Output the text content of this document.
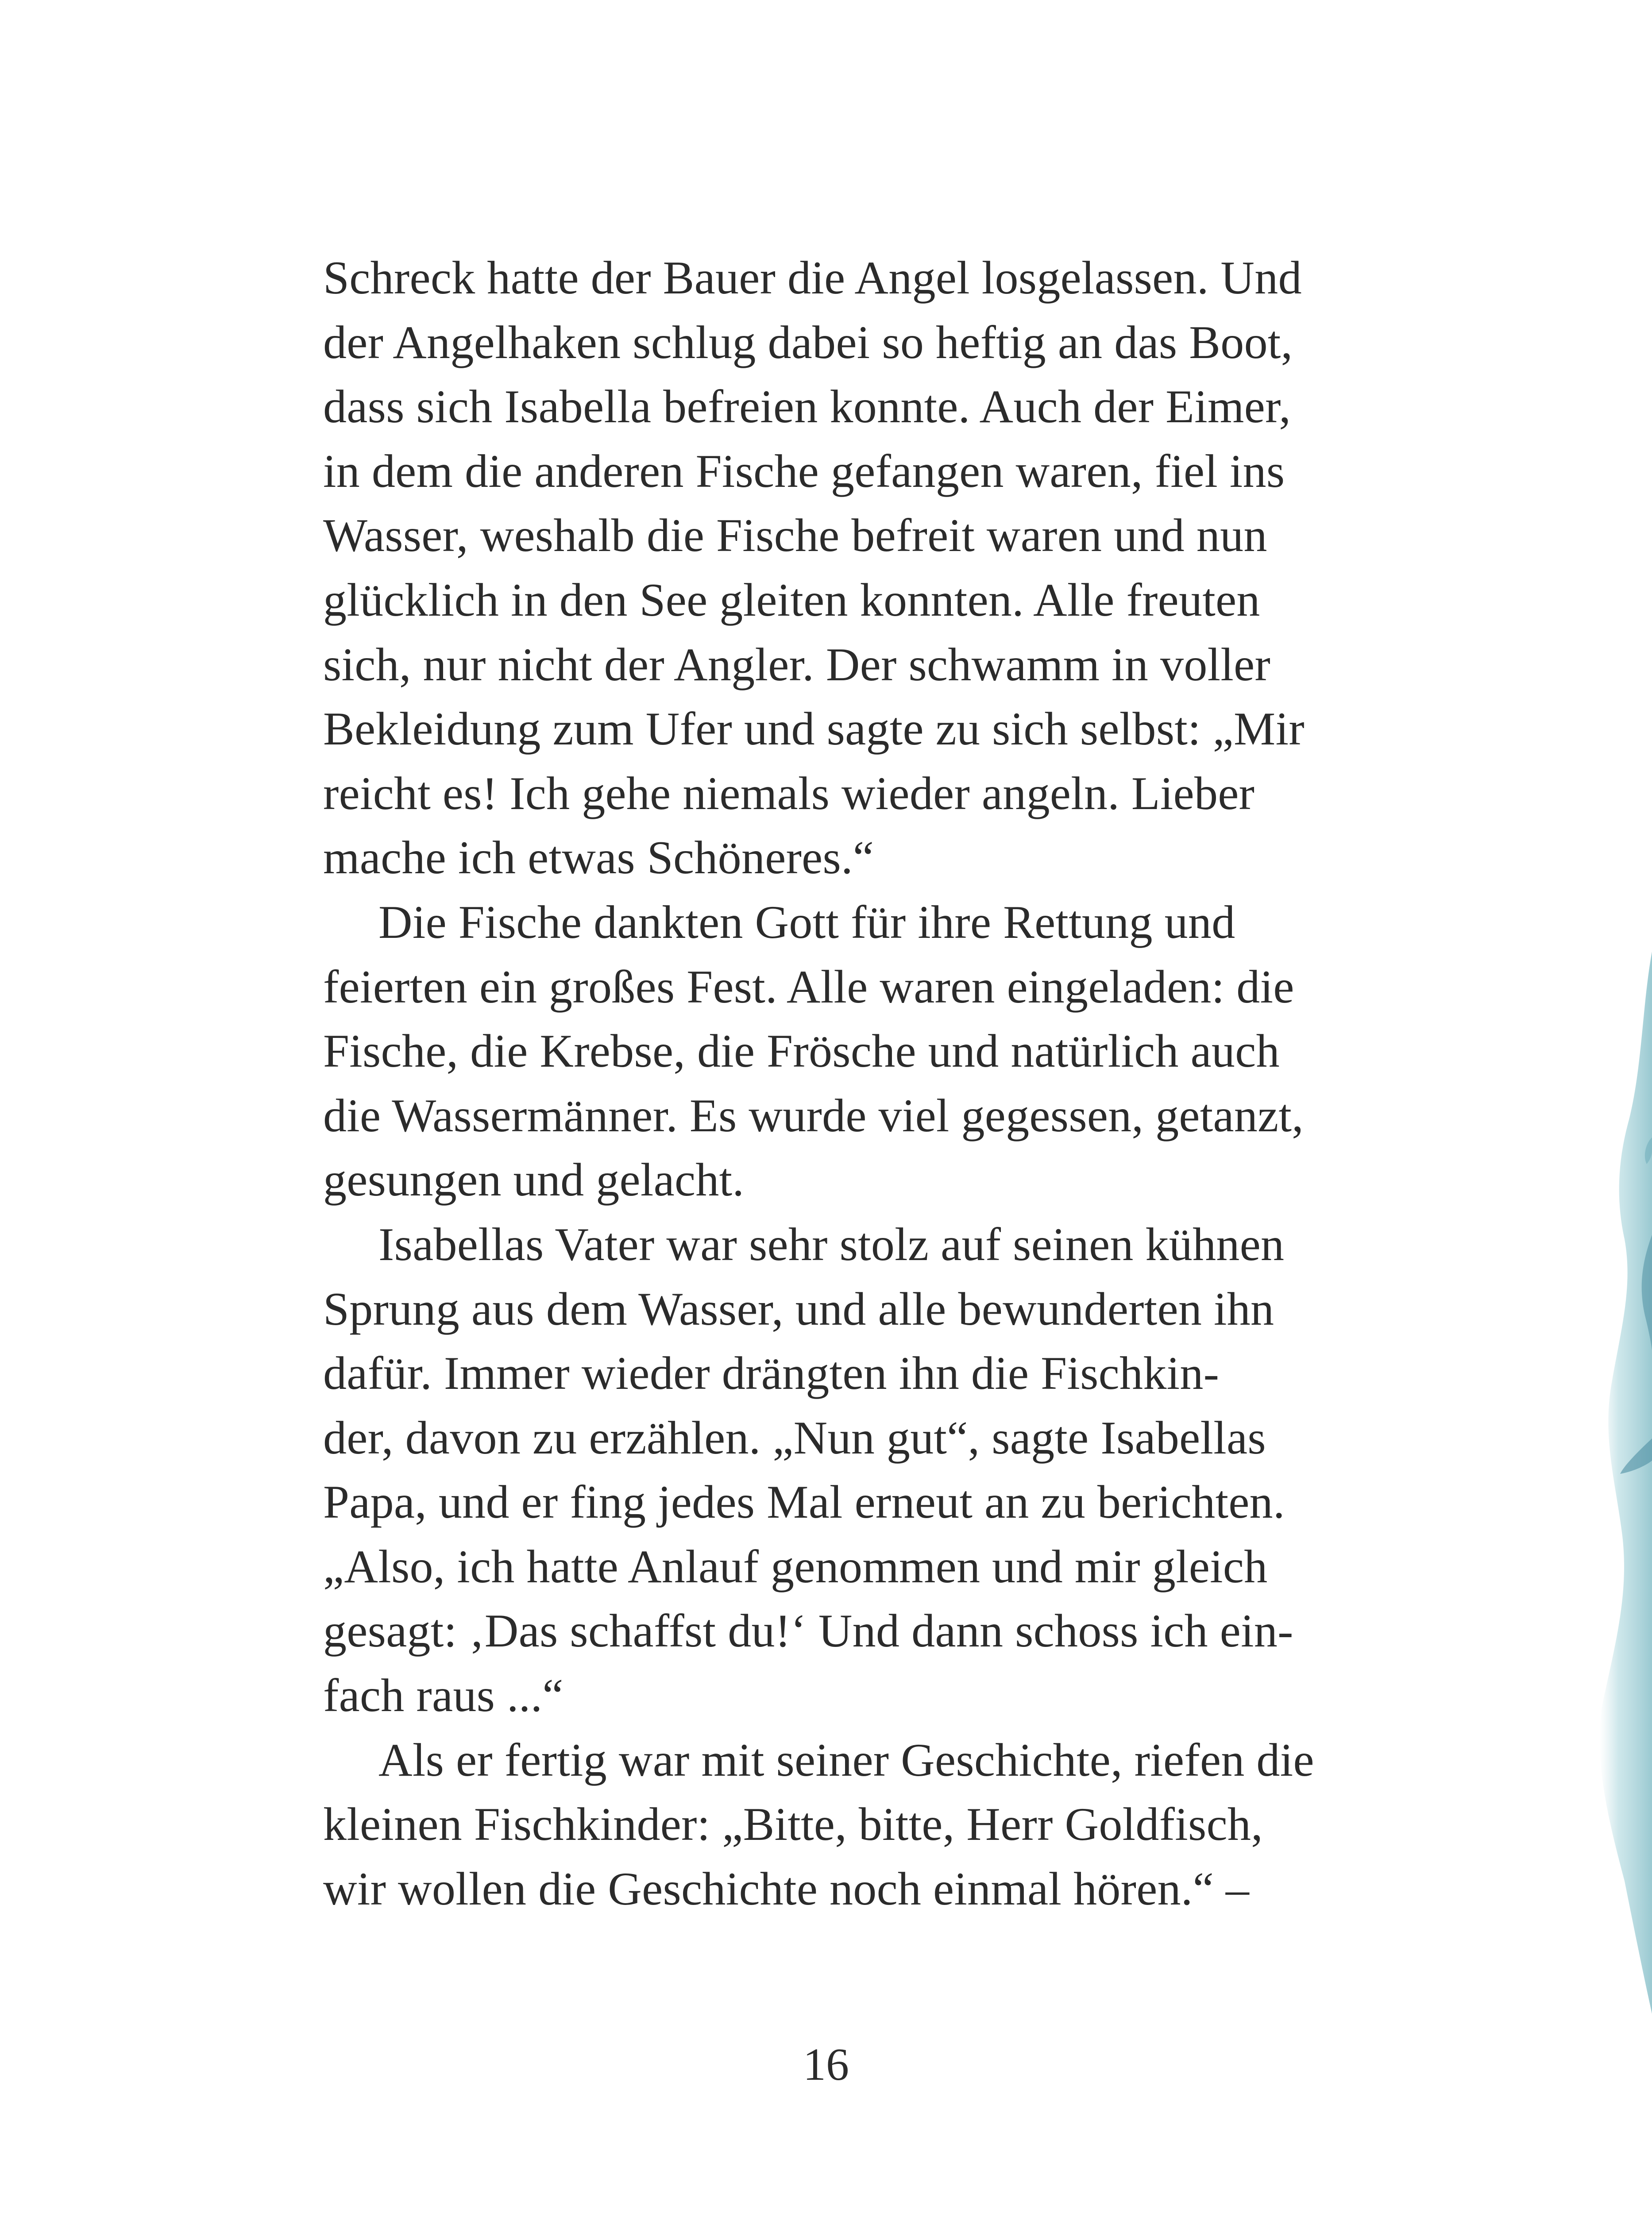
Schreck hatte der Bauer die Angel losgelassen. Und
der Angelhaken schlug dabei so heftig an das Boot,
dass sich Isabella befreien konnte. Auch der Eimer,
in dem die anderen Fische gefangen waren, fiel ins
Wasser, weshalb die Fische befreit waren und nun
glücklich in den See gleiten konnten. Alle freuten
sich, nur nicht der Angler. Der schwamm in voller
Bekleidung zum Ufer und sagte zu sich selbst: „Mir
reicht es! Ich gehe niemals wieder angeln. Lieber
mache ich etwas Schöneres.“
Die Fische dankten Gott für ihre Rettung und
feierten ein großes Fest. Alle waren eingeladen: die
Fische, die Krebse, die Frösche und natürlich auch
die Wassermänner. Es wurde viel gegessen, getanzt,
gesungen und gelacht.
Isabellas Vater war sehr stolz auf seinen kühnen
Sprung aus dem Wasser, und alle bewunderten ihn
dafür. Immer wieder drängten ihn die Fischkin-
der, davon zu erzählen. „Nun gut“, sagte Isabellas
Papa, und er fing jedes Mal erneut an zu berichten.
„Also, ich hatte Anlauf genommen und mir gleich
gesagt: ‚Das schaffst du!‘ Und dann schoss ich ein-
fach raus ...“
Als er fertig war mit seiner Geschichte, riefen die
kleinen Fischkinder: „Bitte, bitte, Herr Goldfisch,
wir wollen die Geschichte noch einmal hören.“ –
16
